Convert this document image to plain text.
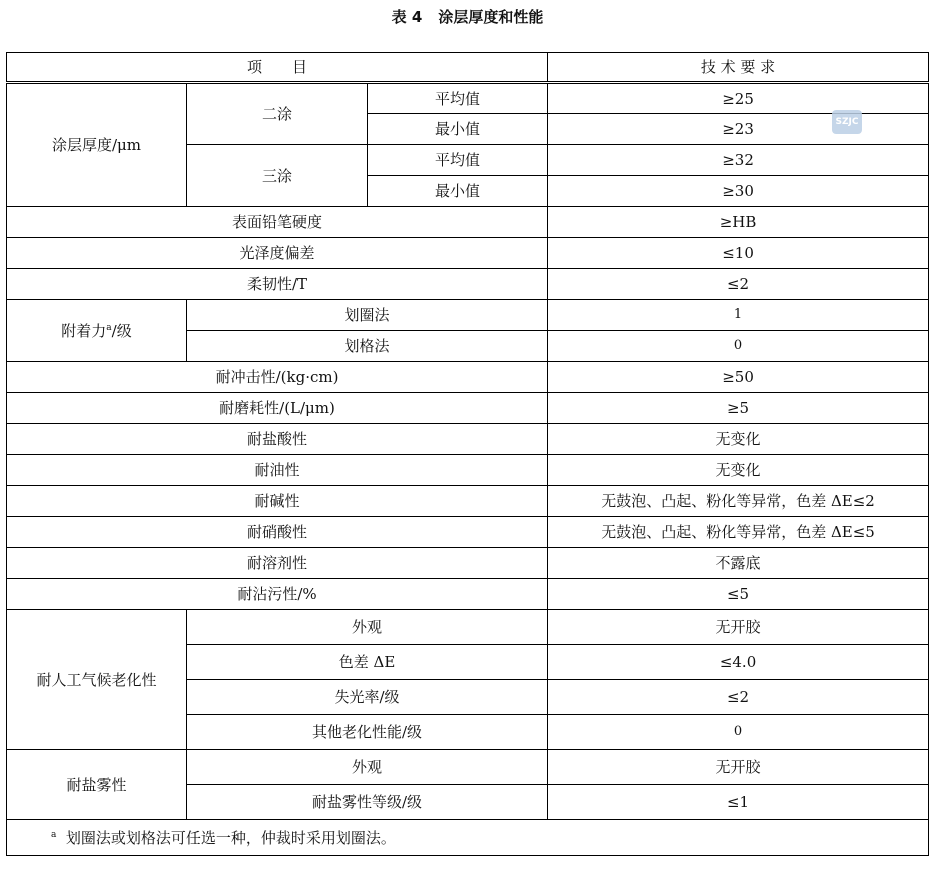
表 4 涂层厚度和性能
项　　目			技 术 要 求
涂层厚度/μm	二涂	平均值	≥25
		最小值	≥23
	三涂	平均值	≥32
		最小值	≥30
表面铅笔硬度			≥HB
光泽度偏差			≤10
柔韧性/T			≤2
附着力$^a$/级	划圈法		1
	划格法		0
耐冲击性/(kg·cm)			≥50
耐磨耗性/(L/μm)			≥5
耐盐酸性			无变化
耐油性			无变化
耐碱性			无鼓泡、凸起、粉化等异常，色差 ΔE≤2
耐硝酸性			无鼓泡、凸起、粉化等异常，色差 ΔE≤5
耐溶剂性			不露底
耐沾污性/%			≤5
耐人工气候老化性	外观		无开胶
	色差 ΔE		≤4.0
	失光率/级		≤2
	其他老化性能/级		0
耐盐雾性	外观		无开胶
	耐盐雾性等级/级		≤1
$^a$ 划圈法或划格法可任选一种，仲裁时采用划圈法。			
SZJC
